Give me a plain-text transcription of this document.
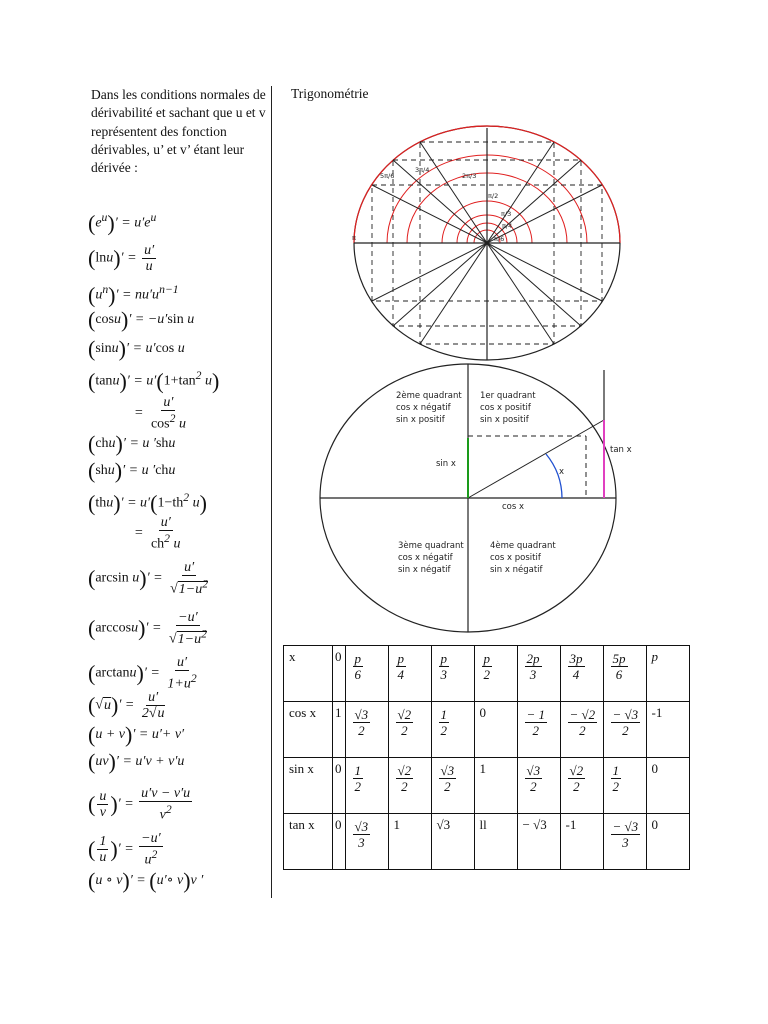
Dans les conditions normales de dérivabilité et sachant que u et v représentent des fonction dérivables, u’ et v’ étant leur dérivée :
Trigonométrie
$(e^u)' = u'e^u$
$(\ln u)' = \frac{u'}{u}$
$(u^n)' = nu'u^{n-1}$
(cosu)′ = −u′sin u
(sinu)′ = u′cos u
$(\tan u)' = u'(1+\tan^2$ u)
= $\frac{u'}{\cos^2 u}$
(chu)′ = u ′shu
(shu)′ = u ′chu
$(thu)' = u'(1-th^2$ u)
= $\frac{u'}{ch^2 u}$
(arcsin $u)' = \frac{u'}{√1-u^2}$
$(\arccos u)' = \frac{-u'}{√1-u^2}$
$(\arctan u)' = \frac{u'}{1+u^2}$
$(√u)' = \frac{u'}{2√u}$
(u + v)′ = u′+ v′
(uv)′ = u′v + v′u
( $\frac{u}{v}$ )′ = $\frac{u'v - v'u}{v^2}$
( $\frac{1}{u}$ )′ = $\frac{-u'}{u^2}$
(u ∘ v)′ = (u′∘ v)v ′
5π/6
3π/4
2π/3
π/2
π/3
π/4
π/6
π
2ème quadrant
cos x négatif
sin x positif
1er quadrant
cos x positif
sin x positif
3ème quadrant
cos x négatif
sin x négatif
4ème quadrant
cos x positif
sin x négatif
sin x
cos x
tan x
x
x	0	$\frac{p}{6}$	$\frac{p}{4}$	$\frac{p}{3}$	$\frac{p}{2}$	$\frac{2p}{3}$	$\frac{3p}{4}$	$\frac{5p}{6}$	p
cos x	1	$\frac{√3}{2}$	$\frac{√2}{2}$	$\frac{1}{2}$	0	$\frac{- 1}{2}$	$\frac{- √2}{2}$	$\frac{- √3}{2}$	-1
sin x	0	$\frac{1}{2}$	$\frac{√2}{2}$	$\frac{√3}{2}$	1	$\frac{√3}{2}$	$\frac{√2}{2}$	$\frac{1}{2}$	0
tan x	0	$\frac{√3}{3}$	1	√3	ll	− √3	-1	$\frac{- √3}{3}$	0
